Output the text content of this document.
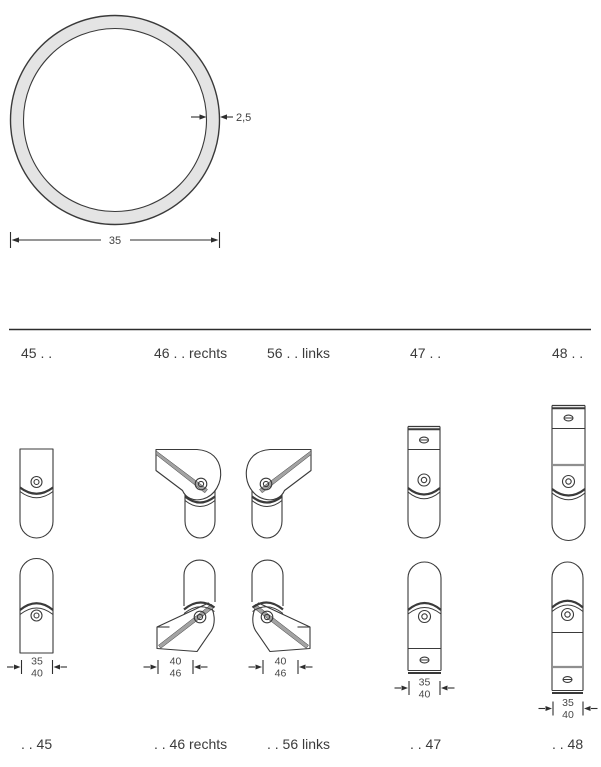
2,5
35
45 . .	46 . . rechts	56 . . links	47 . .	48 . .
35
40
40
46
40
46
35
40
35
40
. . 45	. . 46 rechts	. . 56 links	. . 47	. . 48
